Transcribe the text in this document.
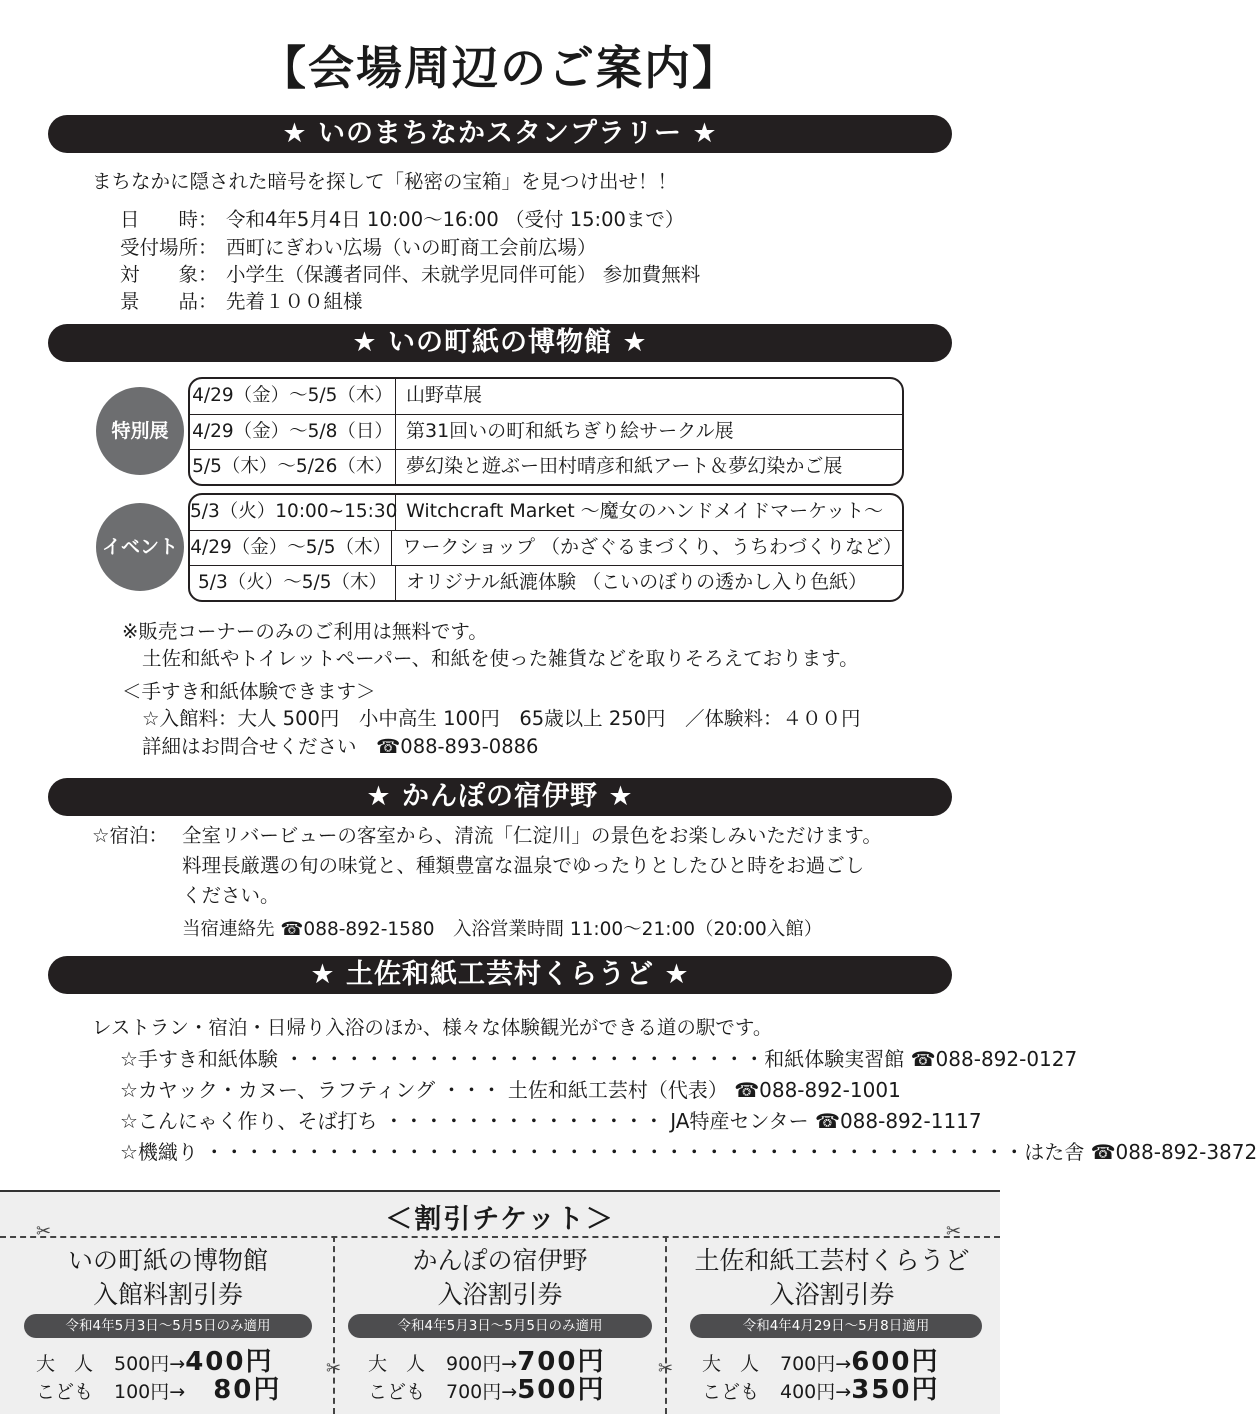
【会場周辺のご案内】
★ いのまちなかスタンプラリー ★
まちなかに隠された暗号を探して「秘密の宝箱」を見つけ出せ！！
日　　時： 令和4年5月4日 10:00～16:00 （受付 15:00まで）
受付場所： 西町にぎわい広場（いの町商工会前広場）
対　　象： 小学生（保護者同伴、未就学児同伴可能） 参加費無料
景　　品： 先着１００組様
★ いの町紙の博物館 ★
特別展
4/29（金）～5/5（木） 山野草展
4/29（金）～5/8（日） 第31回いの町和紙ちぎり絵サークル展
5/5（木）～5/26（木） 夢幻染と遊ぶー田村晴彦和紙アート＆夢幻染かご展
イベント
5/3（火）10:00~15:30 Witchcraft Market ～魔女のハンドメイドマーケット～
4/29（金）～5/5（木） ワークショップ （かざぐるまづくり、うちわづくりなど）
5/3（火）～5/5（木） オリジナル紙漉体験 （こいのぼりの透かし入り色紙）
※販売コーナーのみのご利用は無料です。
土佐和紙やトイレットペーパー、和紙を使った雑貨などを取りそろえております。
＜手すき和紙体験できます＞
☆入館料：大人 500円　小中高生 100円　65歳以上 250円　／体験料：４００円
詳細はお問合せください　☎088-893-0886
★ かんぽの宿伊野 ★
☆宿泊： 全室リバービューの客室から、清流「仁淀川」の景色をお楽しみいただけます。
料理長厳選の旬の味覚と、種類豊富な温泉でゆったりとしたひと時をお過ごし
ください。
当宿連絡先 ☎088-892-1580　入浴営業時間 11:00～21:00（20:00入館）
★ 土佐和紙工芸村くらうど ★
レストラン・宿泊・日帰り入浴のほか、様々な体験観光ができる道の駅です。
☆手すき和紙体験 ・・・・・・・・・・・・・・・・・・・・・・・・和紙体験実習館 ☎088-892-0127
☆カヤック・カヌー、ラフティング ・・・ 土佐和紙工芸村（代表） ☎088-892-1001
☆こんにゃく作り、そば打ち ・・・・・・・・・・・・・・ JA特産センター ☎088-892-1117
☆機織り ・・・・・・・・・・・・・・・・・・・・・・・・・・・・・・・・・・・・・・・・・はた舎 ☎088-892-3872
＜割引チケット＞
✂	✂
✂	✂
いの町紙の博物館
入館料割引券
令和4年5月3日～5月5日のみ適用
大　人 500円→400円
こども 100円→　80円
かんぽの宿伊野
入浴割引券
令和4年5月3日～5月5日のみ適用
大　人 900円→700円
こども 700円→500円
土佐和紙工芸村くらうど
入浴割引券
令和4年4月29日～5月8日適用
大　人 700円→600円
こども 400円→350円
